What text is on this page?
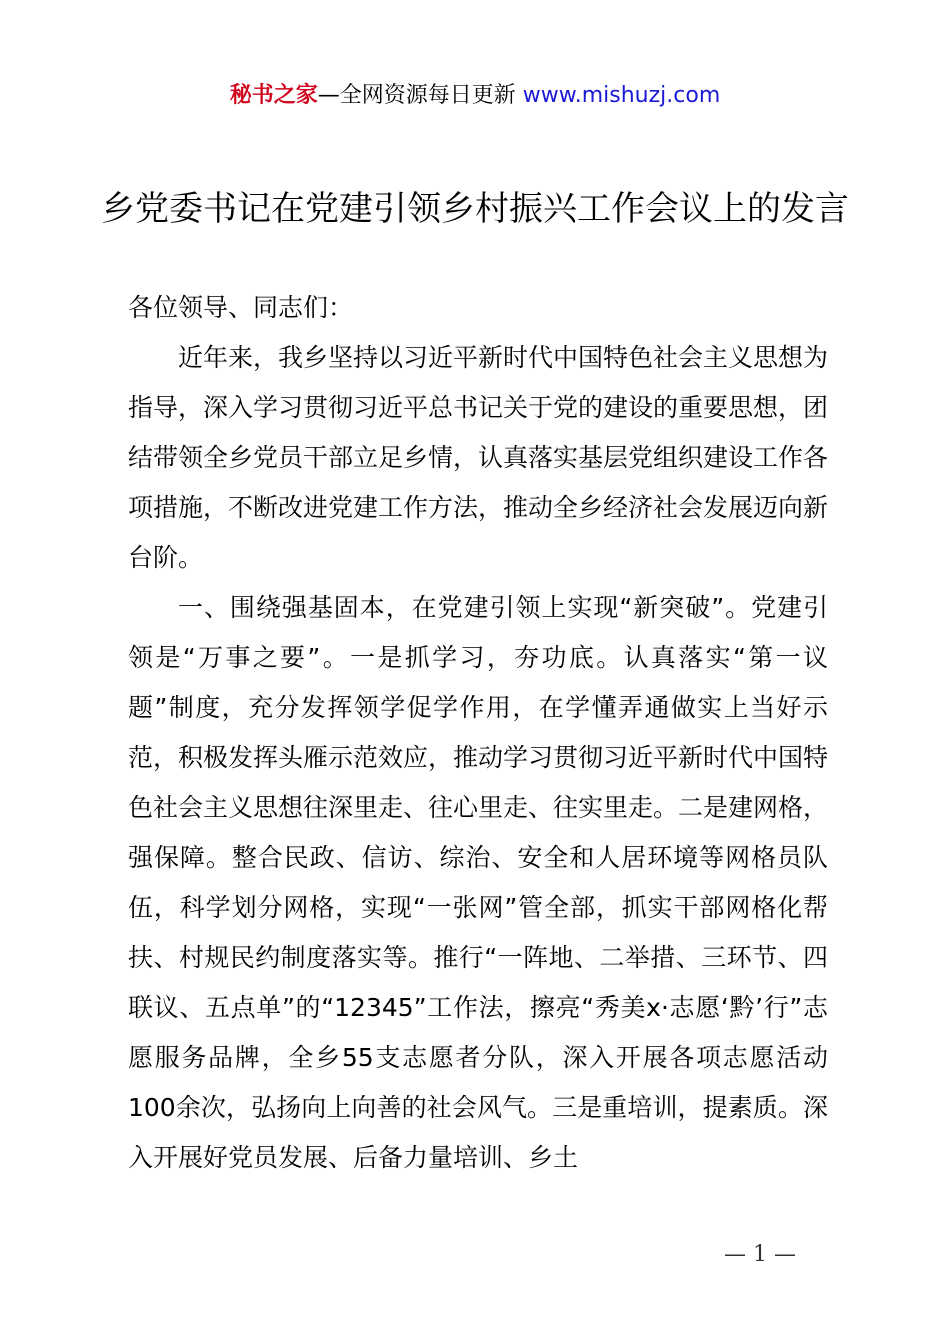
秘书之家—全网资源每日更新 www.mishuzj.com
乡党委书记在党建引领乡村振兴工作会议上的发言

各位领导、同志们：

近年来，我乡坚持以习近平新时代中国特色社会主义思想为指导，深入学习贯彻习近平总书记关于党的建设的重要思想，团结带领全乡党员干部立足乡情，认真落实基层党组织建设工作各项措施，不断改进党建工作方法，推动全乡经济社会发展迈向新台阶。

一、围绕强基固本，在党建引领上实现“新突破”。党建引领是“万事之要”。一是抓学习，夯功底。认真落实“第一议题”制度，充分发挥领学促学作用，在学懂弄通做实上当好示范，积极发挥头雁示范效应，推动学习贯彻习近平新时代中国特色社会主义思想往深里走、往心里走、往实里走。二是建网格，强保障。整合民政、信访、综治、安全和人居环境等网格员队伍，科学划分网格，实现“一张网”管全部，抓实干部网格化帮扶、村规民约制度落实等。推行“一阵地、二举措、三环节、四联议、五点单”的“12345”工作法，擦亮“秀美x·志愿‘黔’行”志愿服务品牌，全乡55支志愿者分队，深入开展各项志愿活动100余次，弘扬向上向善的社会风气。三是重培训，提素质。深入开展好党员发展、后备力量培训、乡土

— 1 —
